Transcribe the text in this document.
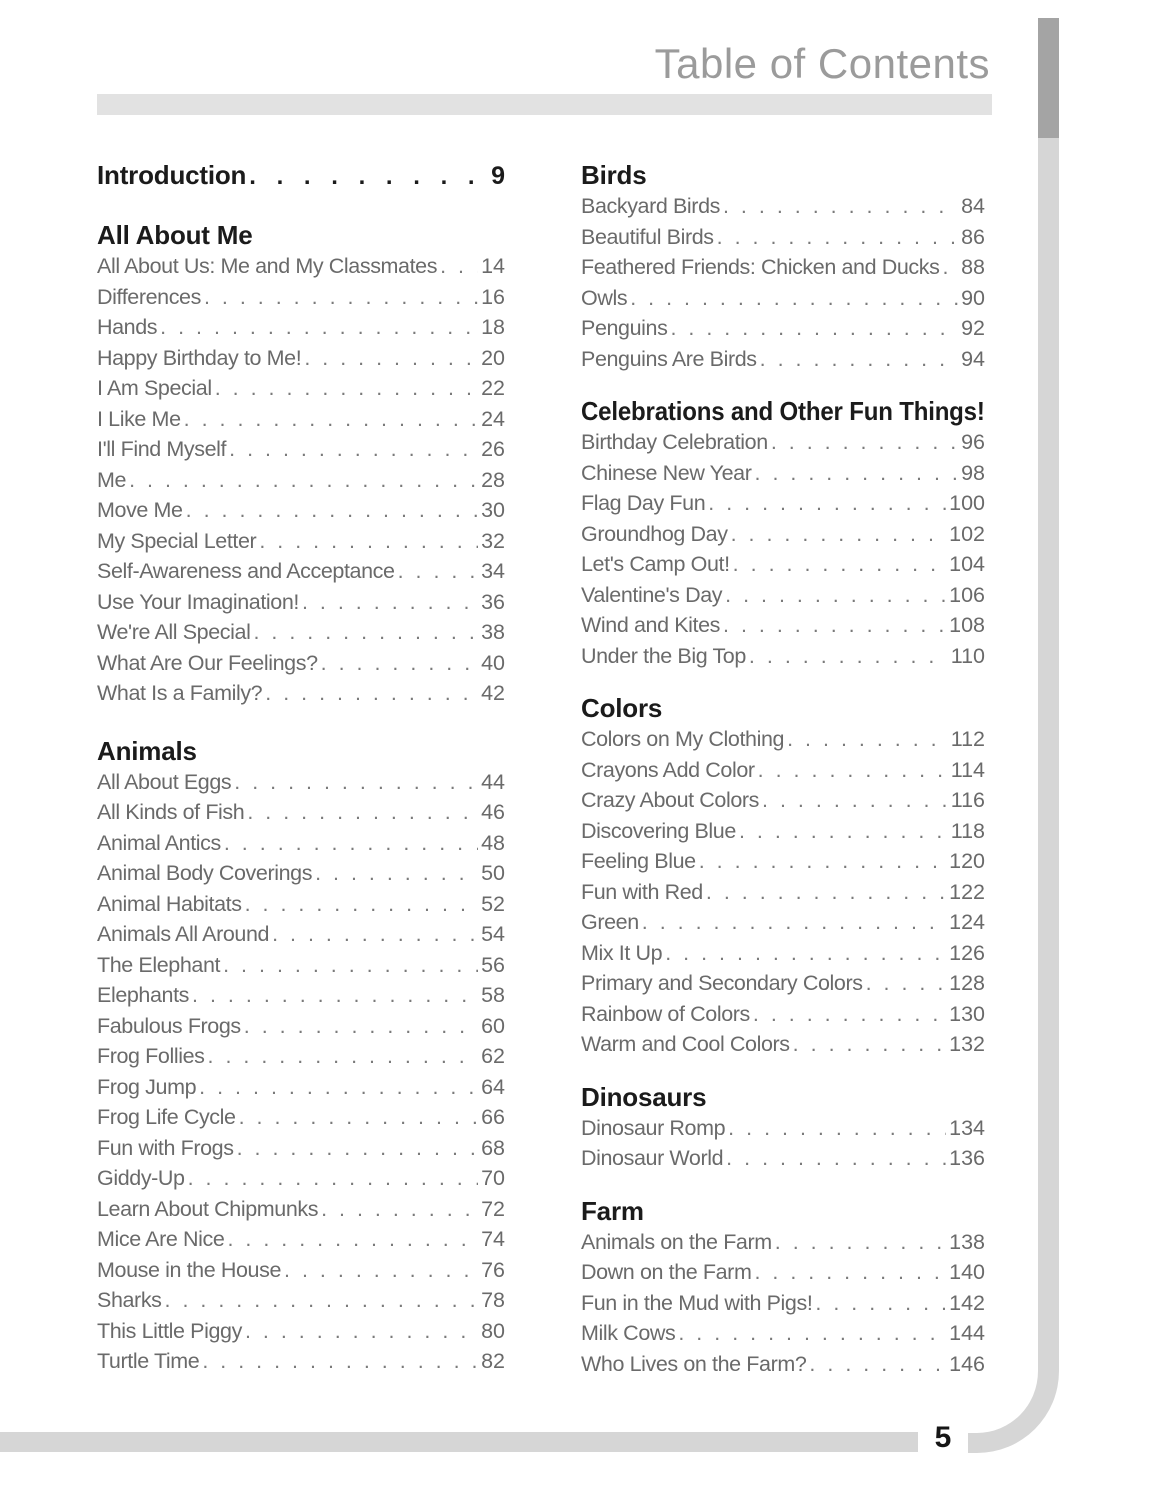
Table of Contents
Introduction . . .	9
All About Me
All About Us: Me and My Classmates . . . 14
Differences . . .	16
Hands . . .	18
Happy Birthday to Me! . . .	20
I Am Special . . .	22
I Like Me . . .	24
I'll Find Myself . . .	26
Me . . .	28
Move Me . . .	30
My Special Letter . . .	32
Self-Awareness and Acceptance . . .	34
Use Your Imagination! . . .	36
We're All Special . . .	38
What Are Our Feelings? . . .	40
What Is a Family? . . .	42
Animals
All About Eggs . . .	44
All Kinds of Fish . . .	46
Animal Antics . . .	48
Animal Body Coverings . . .	50
Animal Habitats . . .	52
Animals All Around . . .	54
The Elephant . . .	56
Elephants . . .	58
Fabulous Frogs . . .	60
Frog Follies . . .	62
Frog Jump . . .	64
Frog Life Cycle . . .	66
Fun with Frogs . . .	68
Giddy-Up . . .	70
Learn About Chipmunks . . .	72
Mice Are Nice . . .	74
Mouse in the House . . .	76
Sharks . . .	78
This Little Piggy . . .	80
Turtle Time . . .	82
Birds
Backyard Birds . . .	84
Beautiful Birds . . .	86
Feathered Friends: Chicken and Ducks . . . 88
Owls . . .	90
Penguins . . .	92
Penguins Are Birds . . .	94
Celebrations and Other Fun Things!
Birthday Celebration . . .	96
Chinese New Year . . .	98
Flag Day Fun . . .	100
Groundhog Day . . .	102
Let's Camp Out! . . .	104
Valentine's Day . . .	106
Wind and Kites . . .	108
Under the Big Top . . .	110
Colors
Colors on My Clothing . . .	112
Crayons Add Color . . .	114
Crazy About Colors . . .	116
Discovering Blue . . .	118
Feeling Blue . . .	120
Fun with Red . . .	122
Green . . .	124
Mix It Up . . .	126
Primary and Secondary Colors . . .	128
Rainbow of Colors . . .	130
Warm and Cool Colors . . .	132
Dinosaurs
Dinosaur Romp . . .	134
Dinosaur World . . .	136
Farm
Animals on the Farm . . .	138
Down on the Farm . . .	140
Fun in the Mud with Pigs! . . .	142
Milk Cows . . .	144
Who Lives on the Farm? . . .	146
5
